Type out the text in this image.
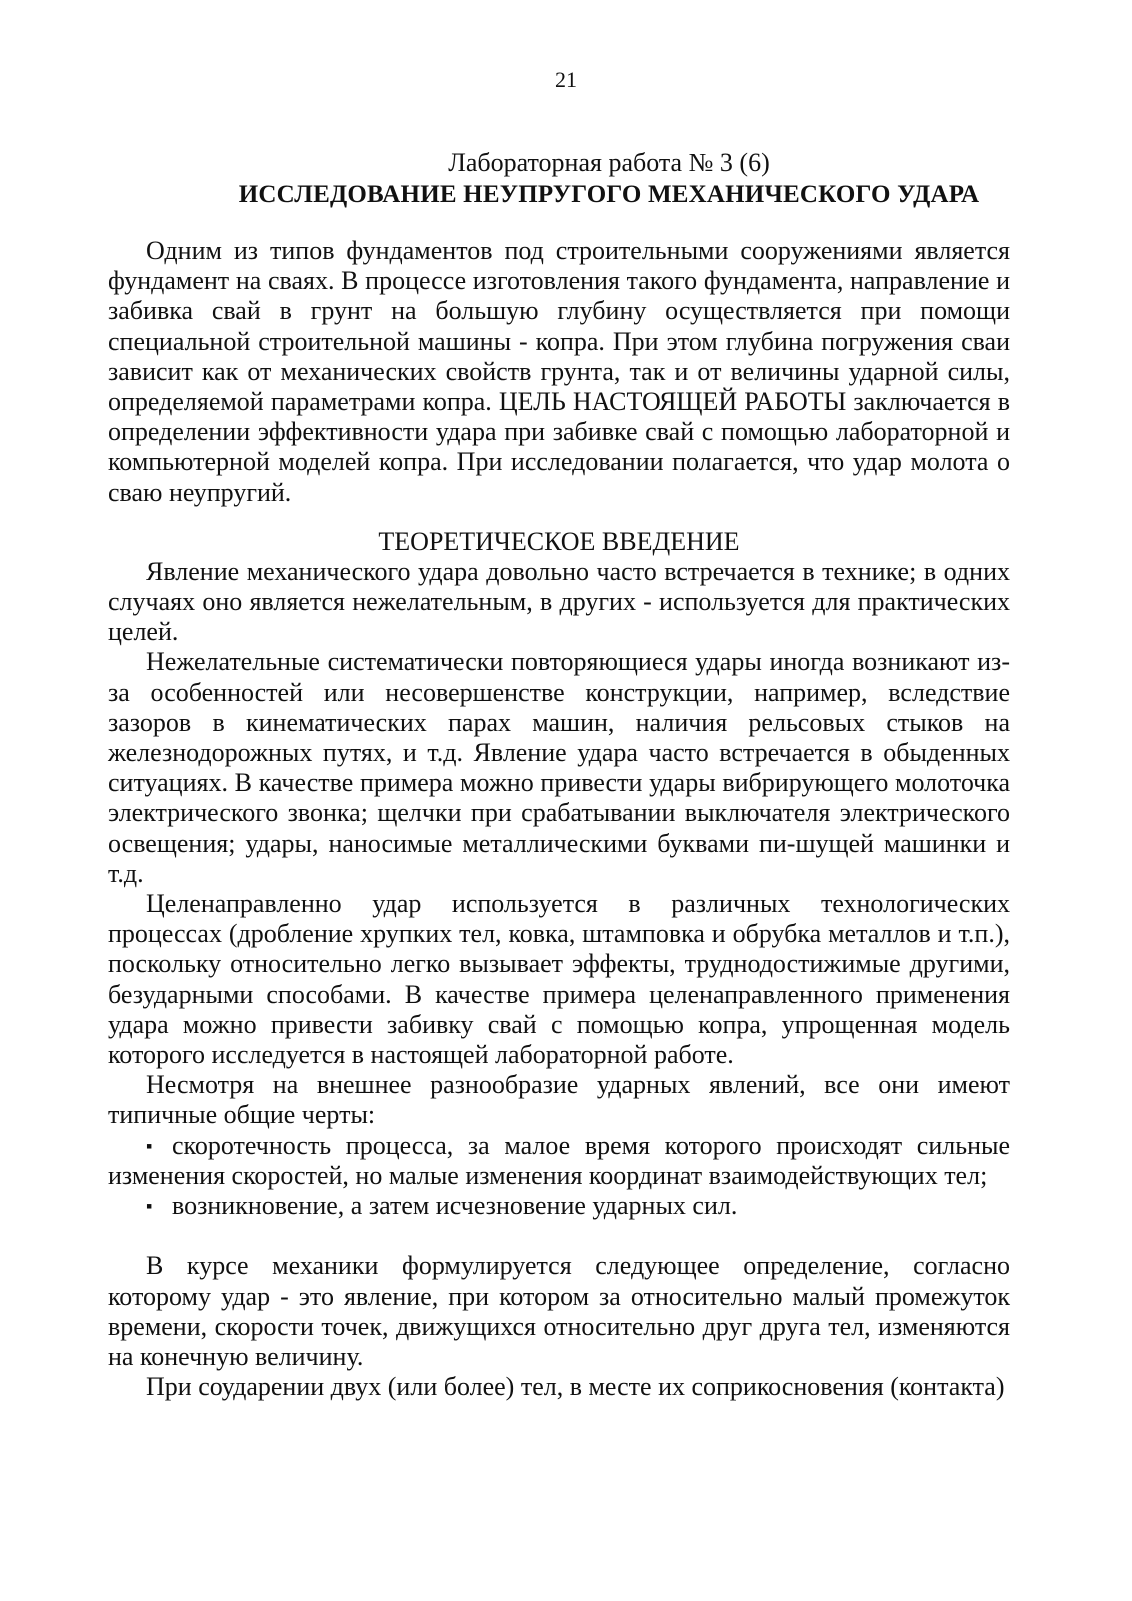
21
Лабораторная работа № 3 (6)
ИССЛЕДОВАНИЕ НЕУПРУГОГО МЕХАНИЧЕСКОГО УДАРА

Одним из типов фундаментов под строительными сооружениями является фундамент на сваях. В процессе изготовления такого фундамента, направление и забивка свай в грунт на большую глубину осуществляется при помощи специальной строительной машины - копра. При этом глубина погружения сваи зависит как от механических свойств грунта, так и от величины ударной силы, определяемой параметрами копра. ЦЕЛЬ НАСТОЯЩЕЙ РАБОТЫ заключается в определении эффективности удара при забивке свай с помощью лабораторной и компьютерной моделей копра. При исследовании полагается, что удар молота о сваю неупругий.

ТЕОРЕТИЧЕСКОЕ ВВЕДЕНИЕ

Явление механического удара довольно часто встречается в технике; в одних случаях оно является нежелательным, в других - используется для практических целей.

Нежелательные систематически повторяющиеся удары иногда возникают из-за особенностей или несовершенстве конструкции, например, вследствие зазоров в кинематических парах машин, наличия рельсовых стыков на железнодорожных путях, и т.д. Явление удара часто встречается в обыденных ситуациях. В качестве примера можно привести удары вибрирующего молоточка электрического звонка; щелчки при срабатывании выключателя электрического освещения; удары, наносимые металлическими буквами пи-шущей машинки и т.д.

Целенаправленно удар используется в различных технологических процессах (дробление хрупких тел, ковка, штамповка и обрубка металлов и т.п.), поскольку относительно легко вызывает эффекты, труднодостижимые другими, безударными способами. В качестве примера целенаправленного применения удара можно привести забивку свай с помощью копра, упрощенная модель которого исследуется в настоящей лабораторной работе.

Несмотря на внешнее разнообразие ударных явлений, все они имеют типичные общие черты:

▪ скоротечность процесса, за малое время которого происходят сильные изменения скоростей, но малые изменения координат взаимодействующих тел;
▪ возникновение, а затем исчезновение ударных сил.

В курсе механики формулируется следующее определение, согласно которому удар - это явление, при котором за относительно малый промежуток времени, скорости точек, движущихся относительно друг друга тел, изменяются на конечную величину.

При соударении двух (или более) тел, в месте их соприкосновения (контакта)
